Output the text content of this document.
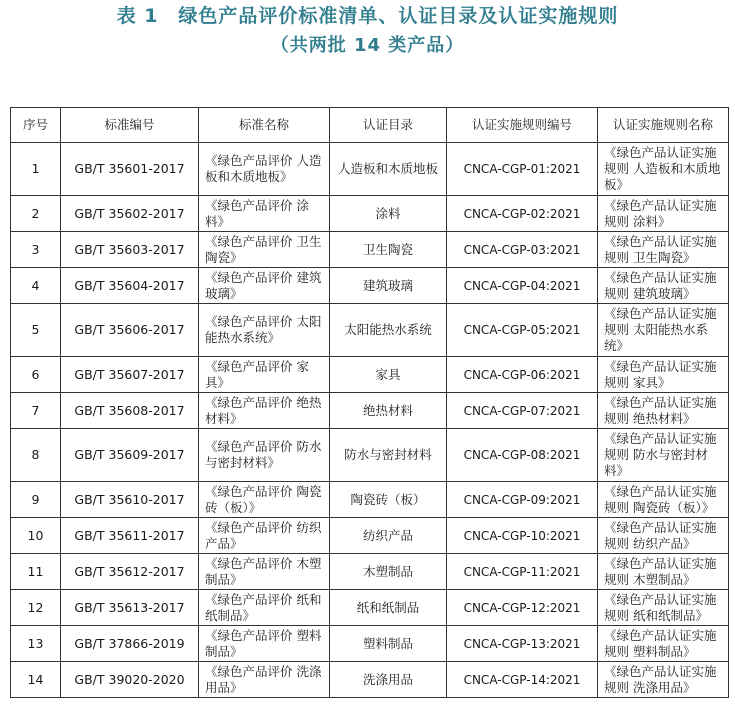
表 1　绿色产品评价标准清单、认证目录及认证实施规则
（共两批 14 类产品）
序号	标准编号	标准名称	认证目录	认证实施规则编号	认证实施规则名称
1	GB/T 35601-2017	《绿色产品评价 人造板和木质地板》	人造板和木质地板	CNCA-CGP-01:2021	《绿色产品认证实施规则 人造板和木质地板》
2	GB/T 35602-2017	《绿色产品评价 涂料》	涂料	CNCA-CGP-02:2021	《绿色产品认证实施规则 涂料》
3	GB/T 35603-2017	《绿色产品评价 卫生陶瓷》	卫生陶瓷	CNCA-CGP-03:2021	《绿色产品认证实施规则 卫生陶瓷》
4	GB/T 35604-2017	《绿色产品评价 建筑玻璃》	建筑玻璃	CNCA-CGP-04:2021	《绿色产品认证实施规则 建筑玻璃》
5	GB/T 35606-2017	《绿色产品评价 太阳能热水系统》	太阳能热水系统	CNCA-CGP-05:2021	《绿色产品认证实施规则 太阳能热水系统》
6	GB/T 35607-2017	《绿色产品评价 家具》	家具	CNCA-CGP-06:2021	《绿色产品认证实施规则 家具》
7	GB/T 35608-2017	《绿色产品评价 绝热材料》	绝热材料	CNCA-CGP-07:2021	《绿色产品认证实施规则 绝热材料》
8	GB/T 35609-2017	《绿色产品评价 防水与密封材料》	防水与密封材料	CNCA-CGP-08:2021	《绿色产品认证实施规则 防水与密封材料》
9	GB/T 35610-2017	《绿色产品评价 陶瓷砖（板）》	陶瓷砖（板）	CNCA-CGP-09:2021	《绿色产品认证实施规则 陶瓷砖（板）》
10	GB/T 35611-2017	《绿色产品评价 纺织产品》	纺织产品	CNCA-CGP-10:2021	《绿色产品认证实施规则 纺织产品》
11	GB/T 35612-2017	《绿色产品评价 木塑制品》	木塑制品	CNCA-CGP-11:2021	《绿色产品认证实施规则 木塑制品》
12	GB/T 35613-2017	《绿色产品评价 纸和纸制品》	纸和纸制品	CNCA-CGP-12:2021	《绿色产品认证实施规则 纸和纸制品》
13	GB/T 37866-2019	《绿色产品评价 塑料制品》	塑料制品	CNCA-CGP-13:2021	《绿色产品认证实施规则 塑料制品》
14	GB/T 39020-2020	《绿色产品评价 洗涤用品》	洗涤用品	CNCA-CGP-14:2021	《绿色产品认证实施规则 洗涤用品》
